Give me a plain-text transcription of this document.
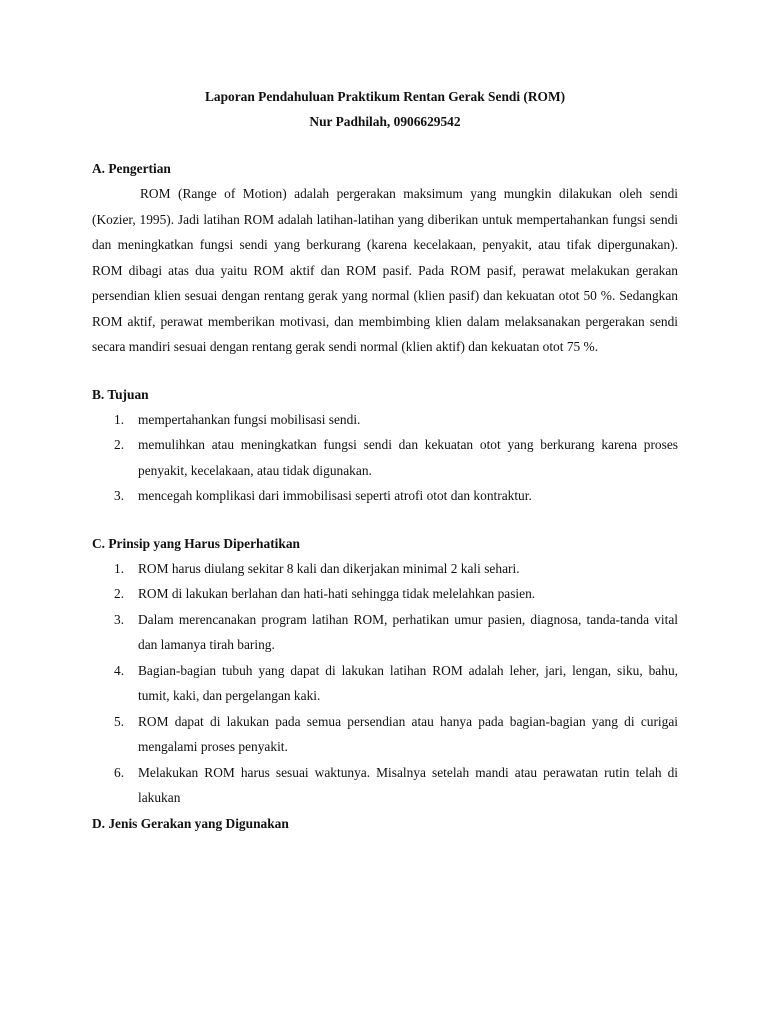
Laporan Pendahuluan Praktikum Rentan Gerak Sendi (ROM)
Nur Padhilah, 0906629542
A. Pengertian
ROM (Range of Motion) adalah pergerakan maksimum yang mungkin dilakukan oleh sendi (Kozier, 1995). Jadi latihan ROM adalah latihan-latihan yang diberikan untuk mempertahankan fungsi sendi dan meningkatkan fungsi sendi yang berkurang (karena kecelakaan, penyakit, atau tifak dipergunakan). ROM dibagi atas dua yaitu ROM aktif dan ROM pasif. Pada ROM pasif, perawat melakukan gerakan persendian klien sesuai dengan rentang gerak yang normal (klien pasif) dan kekuatan otot 50 %. Sedangkan ROM aktif, perawat memberikan motivasi, dan membimbing klien dalam melaksanakan pergerakan sendi secara mandiri sesuai dengan rentang gerak sendi normal (klien aktif) dan kekuatan otot 75 %.
B. Tujuan
1. mempertahankan fungsi mobilisasi sendi.
2. memulihkan atau meningkatkan fungsi sendi dan kekuatan otot yang berkurang karena proses penyakit, kecelakaan, atau tidak digunakan.
3. mencegah komplikasi dari immobilisasi seperti atrofi otot dan kontraktur.
C. Prinsip yang Harus Diperhatikan
1. ROM harus diulang sekitar 8 kali dan dikerjakan minimal 2 kali sehari.
2. ROM di lakukan berlahan dan hati-hati sehingga tidak melelahkan pasien.
3. Dalam merencanakan program latihan ROM, perhatikan umur pasien, diagnosa, tanda-tanda vital dan lamanya tirah baring.
4. Bagian-bagian tubuh yang dapat di lakukan latihan ROM adalah leher, jari, lengan, siku, bahu, tumit, kaki, dan pergelangan kaki.
5. ROM dapat di lakukan pada semua persendian atau hanya pada bagian-bagian yang di curigai mengalami proses penyakit.
6. Melakukan ROM harus sesuai waktunya. Misalnya setelah mandi atau perawatan rutin telah di lakukan
D. Jenis Gerakan yang Digunakan
